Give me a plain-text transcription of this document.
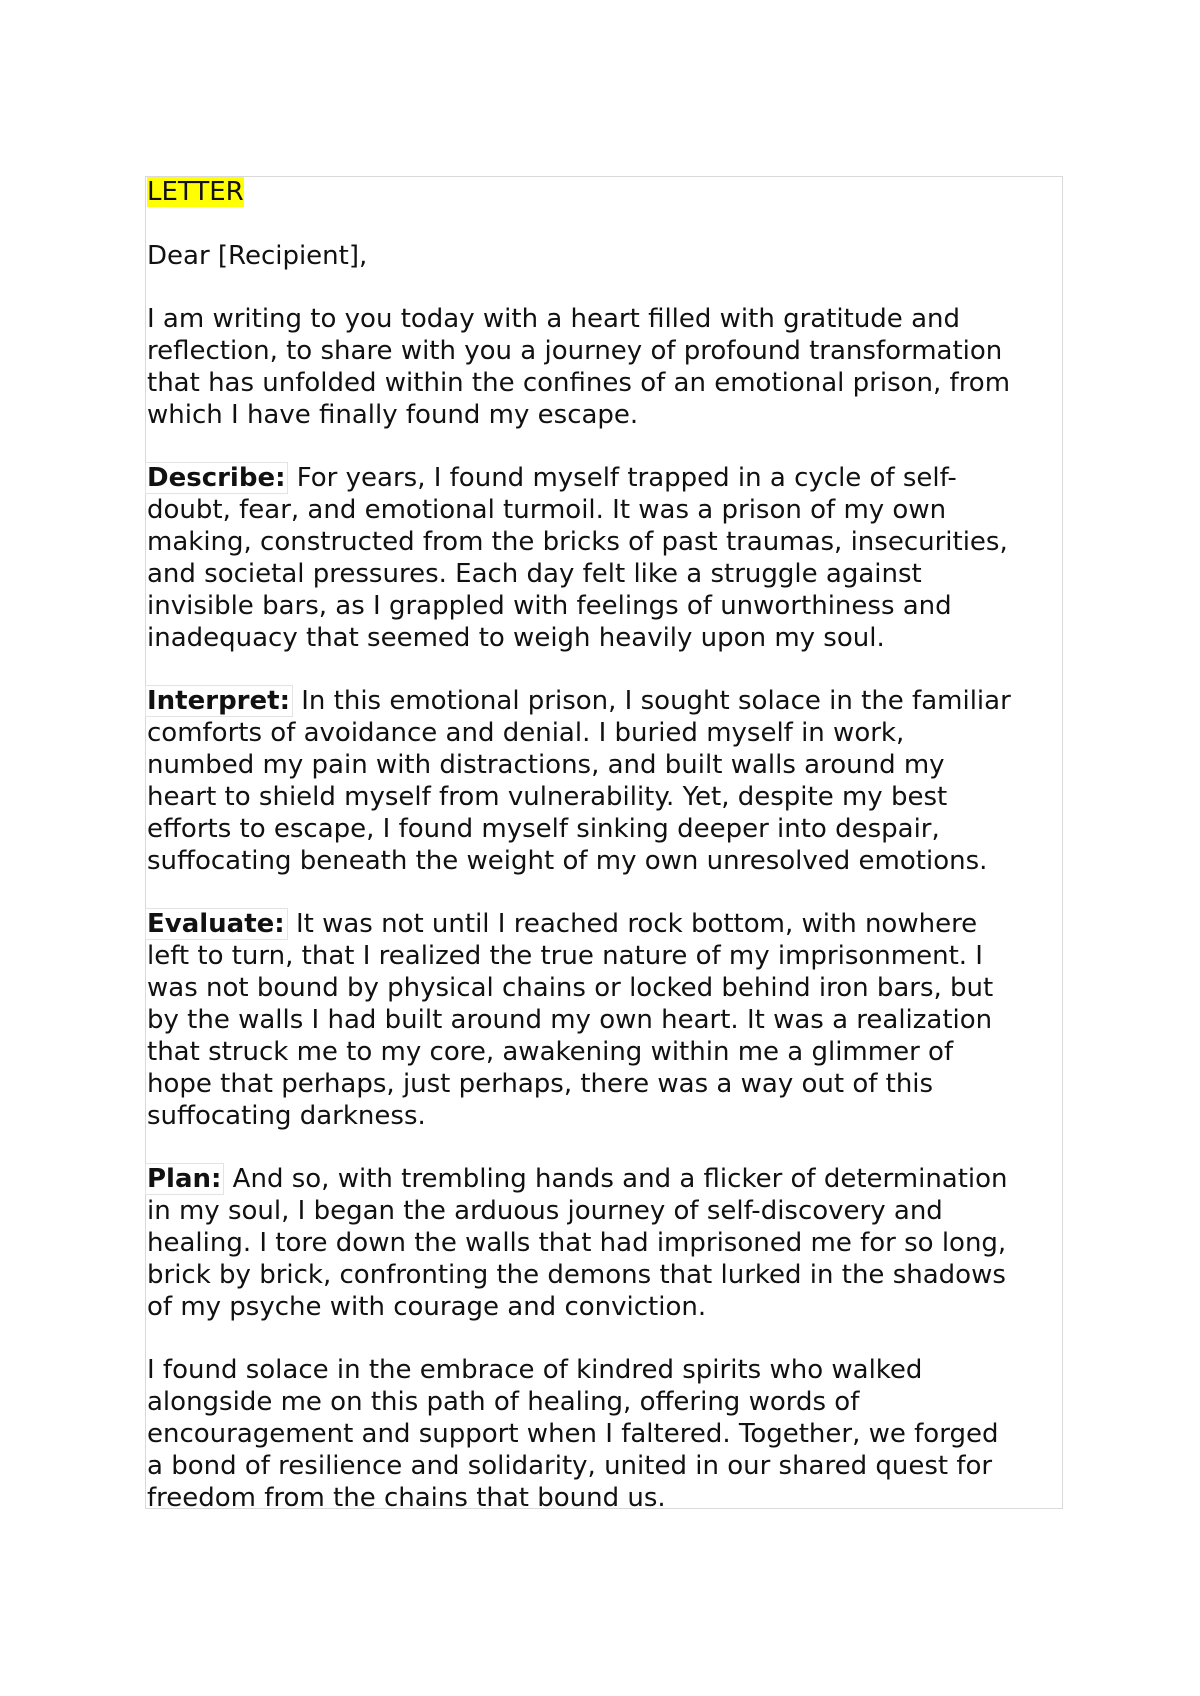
LETTER
Dear [Recipient],
I am writing to you today with a heart filled with gratitude and
reflection, to share with you a journey of profound transformation
that has unfolded within the confines of an emotional prison, from
which I have finally found my escape.
Describe: For years, I found myself trapped in a cycle of self-
doubt, fear, and emotional turmoil. It was a prison of my own
making, constructed from the bricks of past traumas, insecurities,
and societal pressures. Each day felt like a struggle against
invisible bars, as I grappled with feelings of unworthiness and
inadequacy that seemed to weigh heavily upon my soul.
Interpret: In this emotional prison, I sought solace in the familiar
comforts of avoidance and denial. I buried myself in work,
numbed my pain with distractions, and built walls around my
heart to shield myself from vulnerability. Yet, despite my best
efforts to escape, I found myself sinking deeper into despair,
suffocating beneath the weight of my own unresolved emotions.
Evaluate: It was not until I reached rock bottom, with nowhere
left to turn, that I realized the true nature of my imprisonment. I
was not bound by physical chains or locked behind iron bars, but
by the walls I had built around my own heart. It was a realization
that struck me to my core, awakening within me a glimmer of
hope that perhaps, just perhaps, there was a way out of this
suffocating darkness.
Plan: And so, with trembling hands and a flicker of determination
in my soul, I began the arduous journey of self-discovery and
healing. I tore down the walls that had imprisoned me for so long,
brick by brick, confronting the demons that lurked in the shadows
of my psyche with courage and conviction.
I found solace in the embrace of kindred spirits who walked
alongside me on this path of healing, offering words of
encouragement and support when I faltered. Together, we forged
a bond of resilience and solidarity, united in our shared quest for
freedom from the chains that bound us.
